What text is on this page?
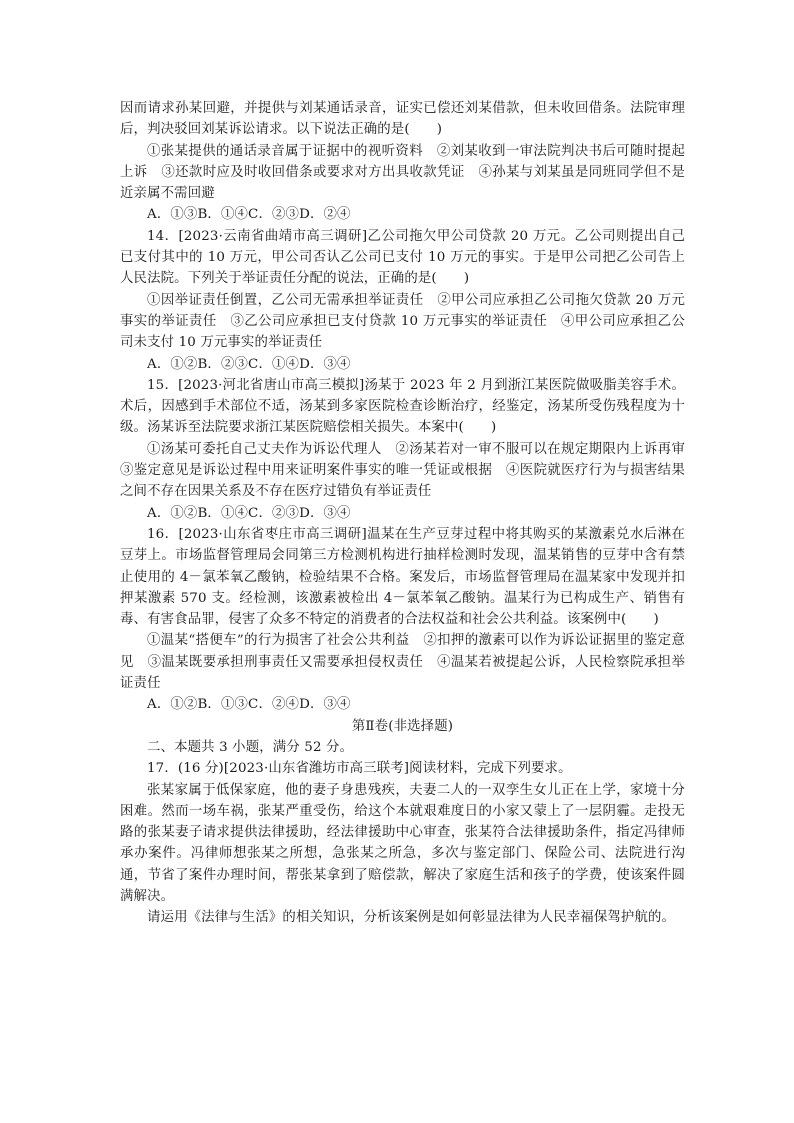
因而请求孙某回避，并提供与刘某通话录音，证实已偿还刘某借款，但未收回借条。法院审理后，判决驳回刘某诉讼请求。以下说法正确的是(　　)

①张某提供的通话录音属于证据中的视听资料　②刘某收到一审法院判决书后可随时提起上诉　③还款时应及时收回借条或要求对方出具收款凭证　④孙某与刘某虽是同班同学但不是近亲属不需回避

A．①③B．①④C．②③D．②④

14．[2023·云南省曲靖市高三调研]乙公司拖欠甲公司贷款 20 万元。乙公司则提出自己已支付其中的 10 万元，甲公司否认乙公司已支付 10 万元的事实。于是甲公司把乙公司告上人民法院。下列关于举证责任分配的说法，正确的是(　　)

①因举证责任倒置，乙公司无需承担举证责任　②甲公司应承担乙公司拖欠贷款 20 万元事实的举证责任　③乙公司应承担已支付贷款 10 万元事实的举证责任　④甲公司应承担乙公司未支付 10 万元事实的举证责任

A．①②B．②③C．①④D．③④

15．[2023·河北省唐山市高三模拟]汤某于 2023 年 2 月到浙江某医院做吸脂美容手术。术后，因感到手术部位不适，汤某到多家医院检查诊断治疗，经鉴定，汤某所受伤残程度为十级。汤某诉至法院要求浙江某医院赔偿相关损失。本案中(　　)

①汤某可委托自己丈夫作为诉讼代理人　②汤某若对一审不服可以在规定期限内上诉再审　③鉴定意见是诉讼过程中用来证明案件事实的唯一凭证或根据　④医院就医疗行为与损害结果之间不存在因果关系及不存在医疗过错负有举证责任

A．①②B．①④C．②③D．③④

16．[2023·山东省枣庄市高三调研]温某在生产豆芽过程中将其购买的某激素兑水后淋在豆芽上。市场监督管理局会同第三方检测机构进行抽样检测时发现，温某销售的豆芽中含有禁止使用的 4－氯苯氧乙酸钠，检验结果不合格。案发后，市场监督管理局在温某家中发现并扣押某激素 570 支。经检测，该激素被检出 4－氯苯氧乙酸钠。温某行为已构成生产、销售有毒、有害食品罪，侵害了众多不特定的消费者的合法权益和社会公共利益。该案例中(　　)

①温某“搭便车”的行为损害了社会公共利益　②扣押的激素可以作为诉讼证据里的鉴定意见　③温某既要承担刑事责任又需要承担侵权责任　④温某若被提起公诉，人民检察院承担举证责任

A．①②B．①③C．②④D．③④

第Ⅱ卷(非选择题)

二、本题共 3 小题，满分 52 分。

17．(16 分)[2023·山东省潍坊市高三联考]阅读材料，完成下列要求。

张某家属于低保家庭，他的妻子身患残疾，夫妻二人的一双孪生女儿正在上学，家境十分困难。然而一场车祸，张某严重受伤，给这个本就艰难度日的小家又蒙上了一层阴霾。走投无路的张某妻子请求提供法律援助，经法律援助中心审查，张某符合法律援助条件，指定冯律师承办案件。冯律师想张某之所想，急张某之所急，多次与鉴定部门、保险公司、法院进行沟通，节省了案件办理时间，帮张某拿到了赔偿款，解决了家庭生活和孩子的学费，使该案件圆满解决。

请运用《法律与生活》的相关知识，分析该案例是如何彰显法律为人民幸福保驾护航的。
